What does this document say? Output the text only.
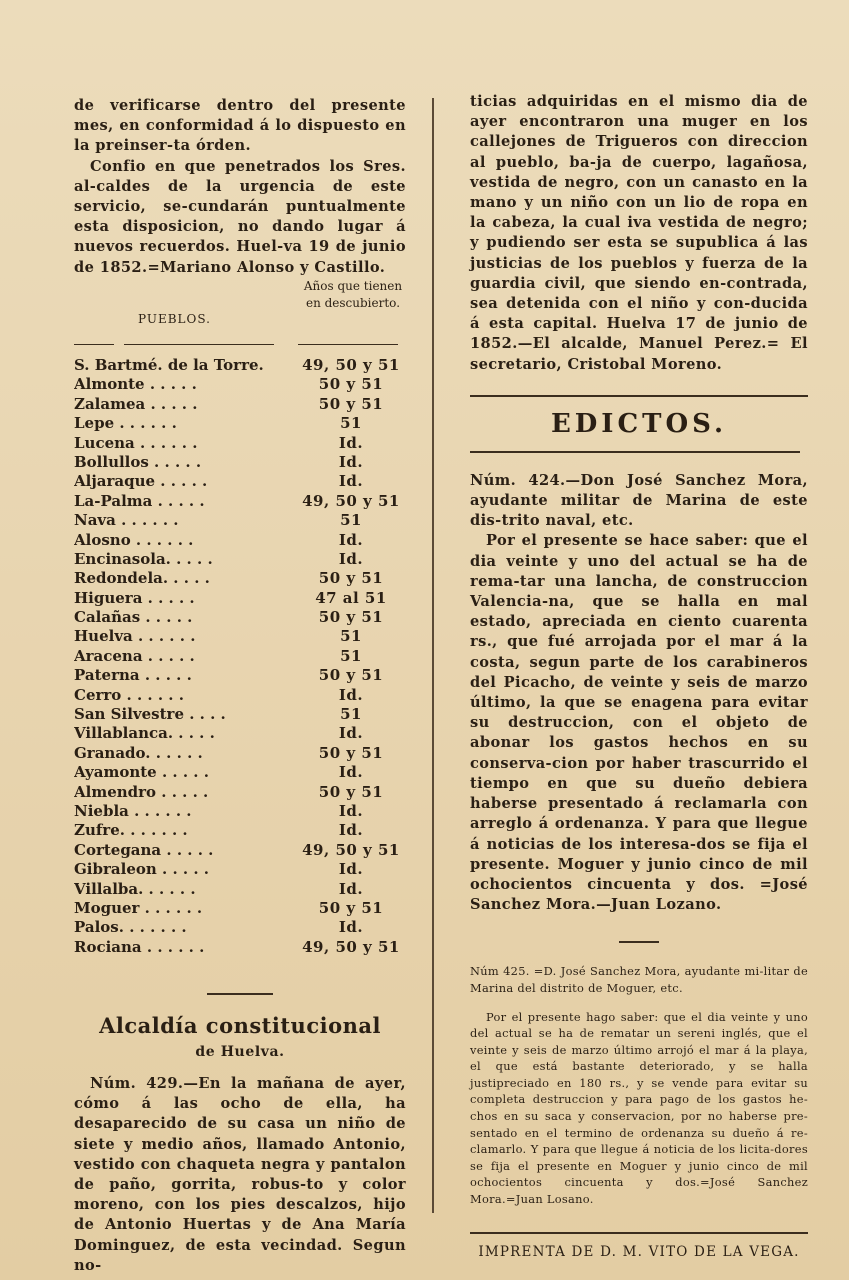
de verificarse dentro del presente mes, en conformidad á lo dispuesto en la preinser-ta órden.

Confio en que penetrados los Sres. al-caldes de la urgencia de este servicio, se-cundarán puntualmente esta disposicion, no dando lugar á nuevos recuerdos. Huel-va 19 de junio de 1852.=Mariano Alonso y Castillo.

PUEBLOS.
Años que tienen en descubierto.
S. Bartmé. de la Torre.	49, 50 y 51
Almonte . . . . .	50 y 51
Zalamea . . . . .	50 y 51
Lepe . . . . . .	51
Lucena . . . . . .	Id.
Bollullos . . . . .	Id.
Aljaraque . . . . .	Id.
La-Palma . . . . .	49, 50 y 51
Nava . . . . . .	51
Alosno . . . . . .	Id.
Encinasola. . . . .	Id.
Redondela. . . . .	50 y 51
Higuera . . . . .	47 al 51
Calañas . . . . .	50 y 51
Huelva . . . . . .	51
Aracena . . . . .	51
Paterna . . . . .	50 y 51
Cerro . . . . . .	Id.
San Silvestre . . . .	51
Villablanca. . . . .	Id.
Granado. . . . . .	50 y 51
Ayamonte . . . . .	Id.
Almendro . . . . .	50 y 51
Niebla . . . . . .	Id.
Zufre. . . . . . .	Id.
Cortegana . . . . .	49, 50 y 51
Gibraleon . . . . .	Id.
Villalba. . . . . .	Id.
Moguer . . . . . .	50 y 51
Palos. . . . . . .	Id.
Rociana . . . . . .	49, 50 y 51
Alcaldía constitucional
de Huelva.

Núm. 429.—En la mañana de ayer, cómo á las ocho de ella, ha desaparecido de su casa un niño de siete y medio años, llamado Antonio, vestido con chaqueta negra y pantalon de paño, gorrita, robus-to y color moreno, con los pies descalzos, hijo de Antonio Huertas y de Ana María Dominguez, de esta vecindad. Segun no-

ticias adquiridas en el mismo dia de ayer encontraron una muger en los callejones de Trigueros con direccion al pueblo, ba-ja de cuerpo, lagañosa, vestida de negro, con un canasto en la mano y un niño con un lio de ropa en la cabeza, la cual iva vestida de negro; y pudiendo ser esta se supublica á las justicias de los pueblos y fuerza de la guardia civil, que siendo en-contrada, sea detenida con el niño y con-ducida á esta capital. Huelva 17 de junio de 1852.—El alcalde, Manuel Perez.= El secretario, Cristobal Moreno.

EDICTOS.

Núm. 424.—Don José Sanchez Mora, ayudante militar de Marina de este dis-trito naval, etc.

Por el presente se hace saber: que el dia veinte y uno del actual se ha de rema-tar una lancha, de construccion Valencia-na, que se halla en mal estado, apreciada en ciento cuarenta rs., que fué arrojada por el mar á la costa, segun parte de los carabineros del Picacho, de veinte y seis de marzo último, la que se enagena para evitar su destruccion, con el objeto de abonar los gastos hechos en su conserva-cion por haber trascurrido el tiempo en que su dueño debiera haberse presentado á reclamarla con arreglo á ordenanza. Y para que llegue á noticias de los interesa-dos se fija el presente. Moguer y junio cinco de mil ochocientos cincuenta y dos. =José Sanchez Mora.—Juan Lozano.

Núm 425. =D. José Sanchez Mora, ayudante mi-litar de Marina del distrito de Moguer, etc.

Por el presente hago saber: que el dia veinte y uno del actual se ha de rematar un sereni inglés, que el veinte y seis de marzo último arrojó el mar á la playa, el que está bastante deteriorado, y se halla justipreciado en 180 rs., y se vende para evitar su completa destruccion y para pago de los gastos he-chos en su saca y conservacion, por no haberse pre-sentado en el termino de ordenanza su dueño á re-clamarlo. Y para que llegue á noticia de los licita-dores se fija el presente en Moguer y junio cinco de mil ochocientos cincuenta y dos.=José Sanchez Mora.=Juan Losano.

IMPRENTA DE D. M. VITO DE LA VEGA.
